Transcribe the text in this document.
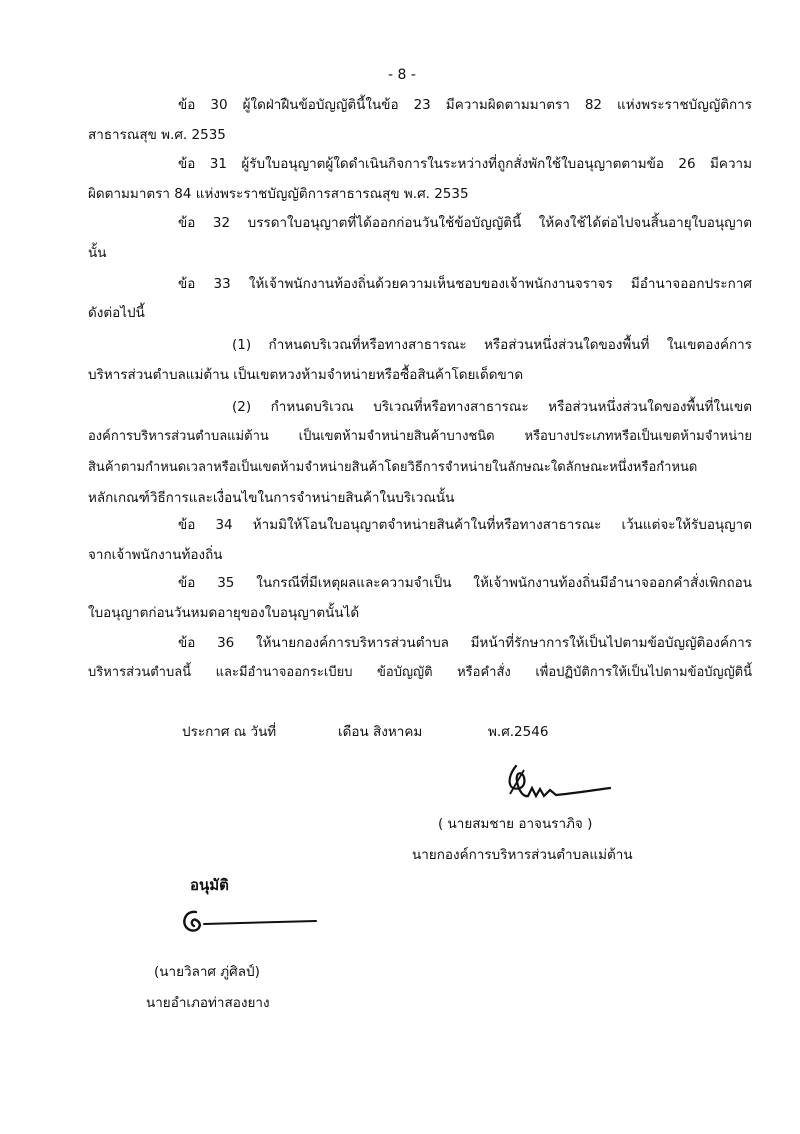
- 8 -
ข้อ 30 ผู้ใดฝ่าฝืนข้อบัญญัตินี้ในข้อ 23 มีความผิดตามมาตรา 82 แห่งพระราชบัญญัติการ
สาธารณสุข พ.ศ. 2535
ข้อ 31 ผู้รับใบอนุญาตผู้ใดดำเนินกิจการในระหว่างที่ถูกสั่งพักใช้ใบอนุญาตตามข้อ 26 มีความ
ผิดตามมาตรา 84 แห่งพระราชบัญญัติการสาธารณสุข พ.ศ. 2535
ข้อ 32 บรรดาใบอนุญาตที่ได้ออกก่อนวันใช้ข้อบัญญัตินี้ ให้คงใช้ได้ต่อไปจนสิ้นอายุใบอนุญาต
นั้น
ข้อ 33 ให้เจ้าพนักงานท้องถิ่นด้วยความเห็นชอบของเจ้าพนักงานจราจร มีอำนาจออกประกาศ
ดังต่อไปนี้
(1) กำหนดบริเวณที่หรือทางสาธารณะ หรือส่วนหนึ่งส่วนใดของพื้นที่ ในเขตองค์การ
บริหารส่วนตำบลแม่ต้าน เป็นเขตหวงห้ามจำหน่ายหรือซื้อสินค้าโดยเด็ดขาด
(2) กำหนดบริเวณ บริเวณที่หรือทางสาธารณะ หรือส่วนหนึ่งส่วนใดของพื้นที่ในเขต
องค์การบริหารส่วนตำบลแม่ต้าน เป็นเขตห้ามจำหน่ายสินค้าบางชนิด หรือบางประเภทหรือเป็นเขตห้ามจำหน่าย
สินค้าตามกำหนดเวลาหรือเป็นเขตห้ามจำหน่ายสินค้าโดยวิธีการจำหน่ายในลักษณะใดลักษณะหนึ่งหรือกำหนด
หลักเกณฑ์วิธีการและเงื่อนไขในการจำหน่ายสินค้าในบริเวณนั้น
ข้อ 34 ห้ามมิให้โอนใบอนุญาตจำหน่ายสินค้าในที่หรือทางสาธารณะ เว้นแต่จะให้รับอนุญาต
จากเจ้าพนักงานท้องถิ่น
ข้อ 35 ในกรณีที่มีเหตุผลและความจำเป็น ให้เจ้าพนักงานท้องถิ่นมีอำนาจออกคำสั่งเพิกถอน
ใบอนุญาตก่อนวันหมดอายุของใบอนุญาตนั้นได้
ข้อ 36 ให้นายกองค์การบริหารส่วนตำบล มีหน้าที่รักษาการให้เป็นไปตามข้อบัญญัติองค์การ
บริหารส่วนตำบลนี้ และมีอำนาจออกระเบียบ ข้อบัญญัติ หรือคำสั่ง เพื่อปฏิบัติการให้เป็นไปตามข้อบัญญัตินี้
ประกาศ ณ วันที่	เดือน สิงหาคม	พ.ศ.2546
( นายสมชาย อาจนราภิจ )
นายกองค์การบริหารส่วนตำบลแม่ต้าน
อนุมัติ
(นายวิลาศ ภู่ศิลป์)
นายอำเภอท่าสองยาง
